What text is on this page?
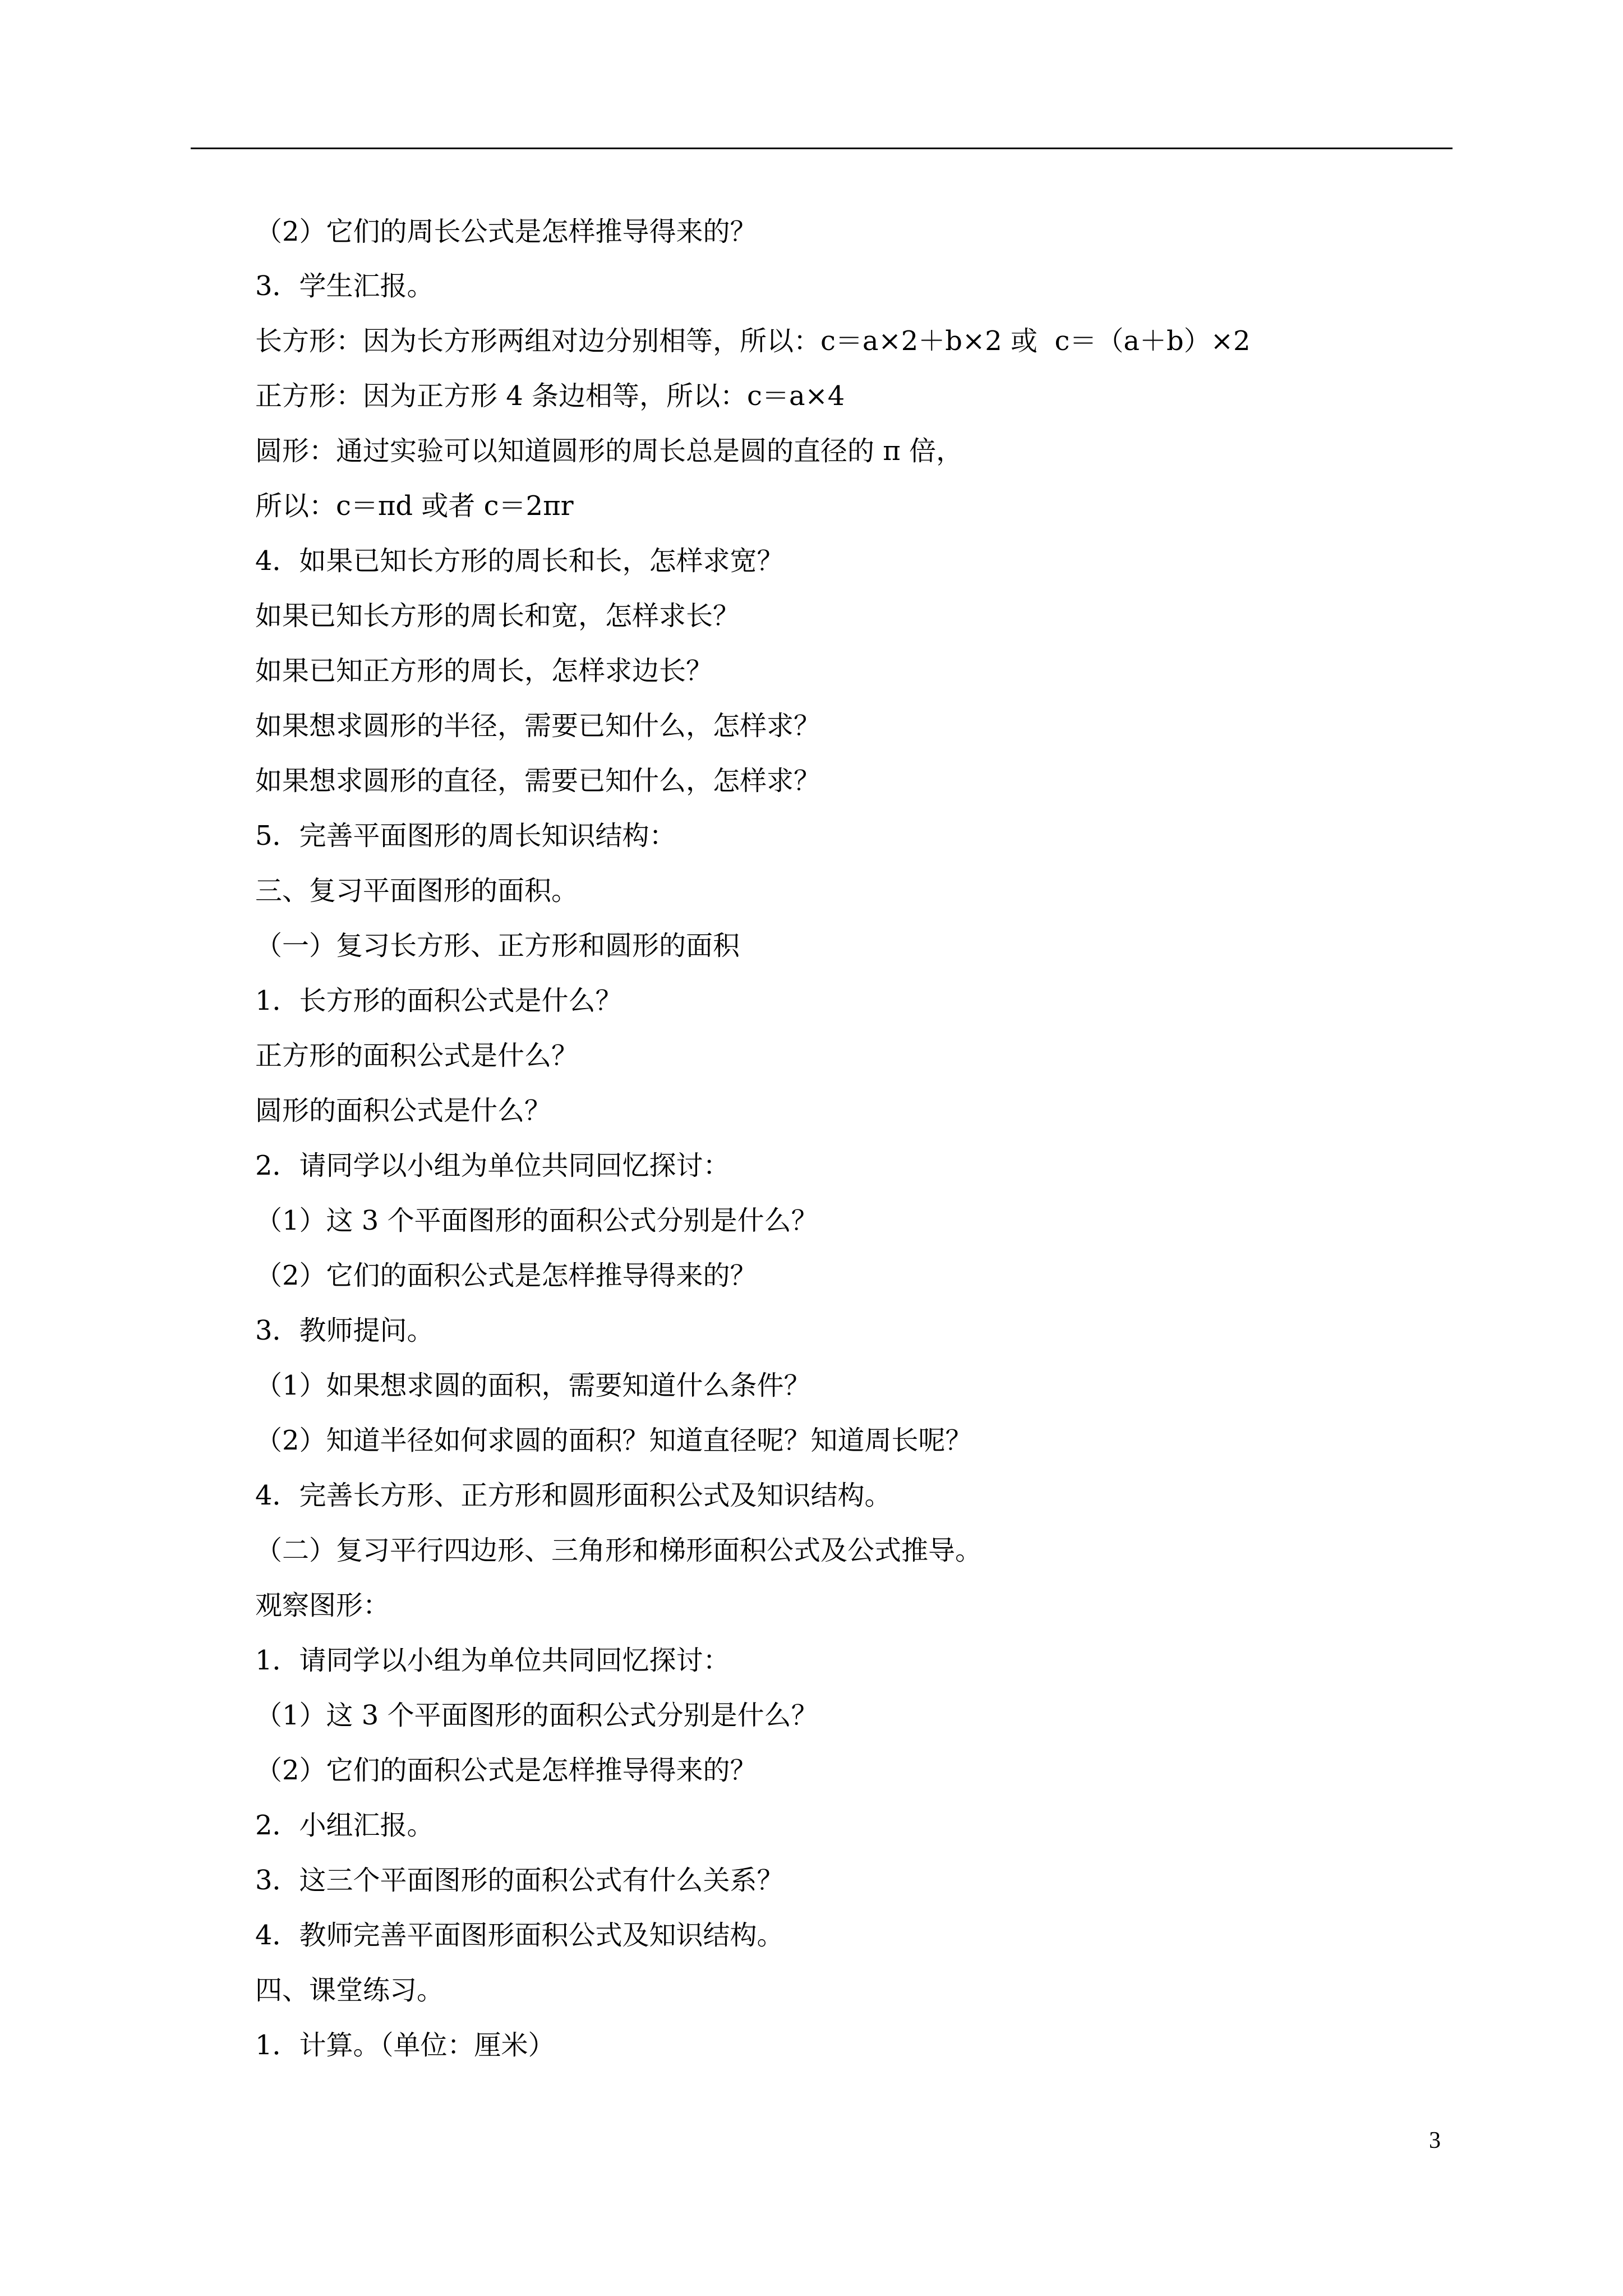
（2）它们的周长公式是怎样推导得来的？
3．学生汇报。
长方形：因为长方形两组对边分别相等，所以：c＝a×2＋b×2 或  c＝（a＋b）×2
正方形：因为正方形 4 条边相等，所以：c＝a×4
圆形：通过实验可以知道圆形的周长总是圆的直径的 π 倍，
所以：c＝πd 或者 c＝2πr
4．如果已知长方形的周长和长，怎样求宽？
如果已知长方形的周长和宽，怎样求长？
如果已知正方形的周长，怎样求边长？
如果想求圆形的半径，需要已知什么，怎样求？
如果想求圆形的直径，需要已知什么，怎样求？
5．完善平面图形的周长知识结构：
三、复习平面图形的面积。
（一）复习长方形、正方形和圆形的面积
1．长方形的面积公式是什么？
正方形的面积公式是什么？
圆形的面积公式是什么？
2．请同学以小组为单位共同回忆探讨：
（1）这 3 个平面图形的面积公式分别是什么？
（2）它们的面积公式是怎样推导得来的？
3．教师提问。
（1）如果想求圆的面积，需要知道什么条件？
（2）知道半径如何求圆的面积？知道直径呢？知道周长呢？
4．完善长方形、正方形和圆形面积公式及知识结构。
（二）复习平行四边形、三角形和梯形面积公式及公式推导。
观察图形：
1．请同学以小组为单位共同回忆探讨：
（1）这 3 个平面图形的面积公式分别是什么？
（2）它们的面积公式是怎样推导得来的？
2．小组汇报。
3．这三个平面图形的面积公式有什么关系？
4．教师完善平面图形面积公式及知识结构。
四、课堂练习。
1．计算。（单位：厘米）
3
